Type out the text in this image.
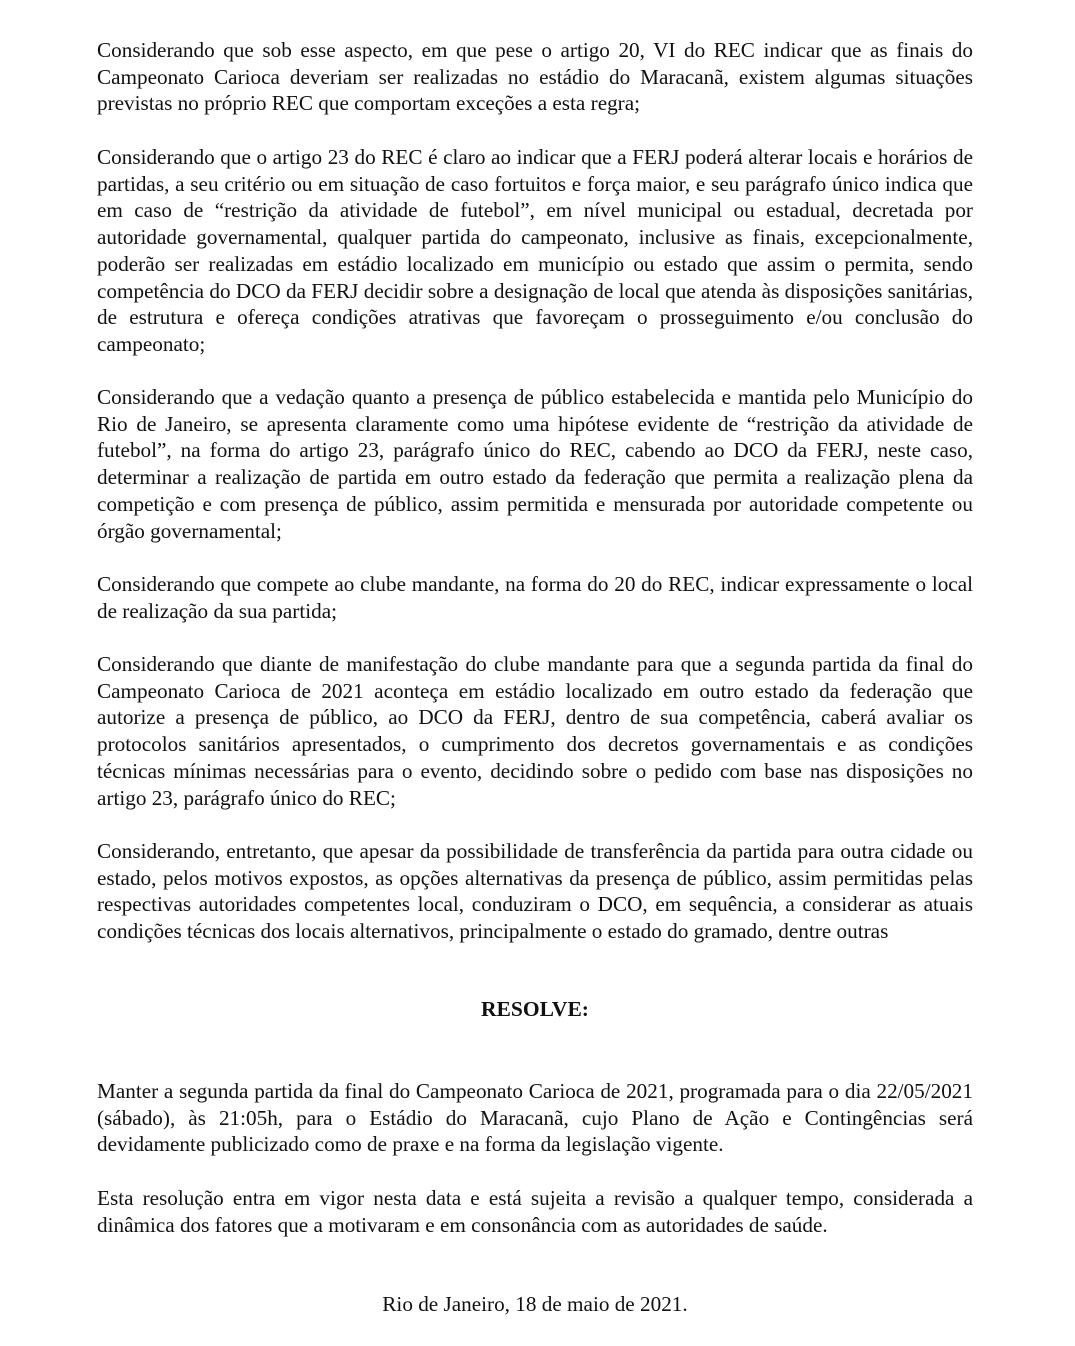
Considerando que sob esse aspecto, em que pese o artigo 20, VI do REC indicar que as finais do Campeonato Carioca deveriam ser realizadas no estádio do Maracanã, existem algumas situações previstas no próprio REC que comportam exceções a esta regra;

Considerando que o artigo 23 do REC é claro ao indicar que a FERJ poderá alterar locais e horários de partidas, a seu critério ou em situação de caso fortuitos e força maior, e seu parágrafo único indica que em caso de “restrição da atividade de futebol”, em nível municipal ou estadual, decretada por autoridade governamental, qualquer partida do campeonato, inclusive as finais, excepcionalmente, poderão ser realizadas em estádio localizado em município ou estado que assim o permita, sendo competência do DCO da FERJ decidir sobre a designação de local que atenda às disposições sanitárias, de estrutura e ofereça condições atrativas que favoreçam o prosseguimento e/ou conclusão do campeonato;

Considerando que a vedação quanto a presença de público estabelecida e mantida pelo Município do Rio de Janeiro, se apresenta claramente como uma hipótese evidente de “restrição da atividade de futebol”, na forma do artigo 23, parágrafo único do REC, cabendo ao DCO da FERJ, neste caso, determinar a realização de partida em outro estado da federação que permita a realização plena da competição e com presença de público, assim permitida e mensurada por autoridade competente ou órgão governamental;

Considerando que compete ao clube mandante, na forma do 20 do REC, indicar expressamente o local de realização da sua partida;

Considerando que diante de manifestação do clube mandante para que a segunda partida da final do Campeonato Carioca de 2021 aconteça em estádio localizado em outro estado da federação que autorize a presença de público, ao DCO da FERJ, dentro de sua competência, caberá avaliar os protocolos sanitários apresentados, o cumprimento dos decretos governamentais e as condições técnicas mínimas necessárias para o evento, decidindo sobre o pedido com base nas disposições no artigo 23, parágrafo único do REC;

Considerando, entretanto, que apesar da possibilidade de transferência da partida para outra cidade ou estado, pelos motivos expostos, as opções alternativas da presença de público, assim permitidas pelas respectivas autoridades competentes local, conduziram o DCO, em sequência, a considerar as atuais condições técnicas dos locais alternativos, principalmente o estado do gramado, dentre outras

RESOLVE:

Manter a segunda partida da final do Campeonato Carioca de 2021, programada para o dia 22/05/2021 (sábado), às 21:05h, para o Estádio do Maracanã, cujo Plano de Ação e Contingências será devidamente publicizado como de praxe e na forma da legislação vigente.

Esta resolução entra em vigor nesta data e está sujeita a revisão a qualquer tempo, considerada a dinâmica dos fatores que a motivaram e em consonância com as autoridades de saúde.

Rio de Janeiro, 18 de maio de 2021.
